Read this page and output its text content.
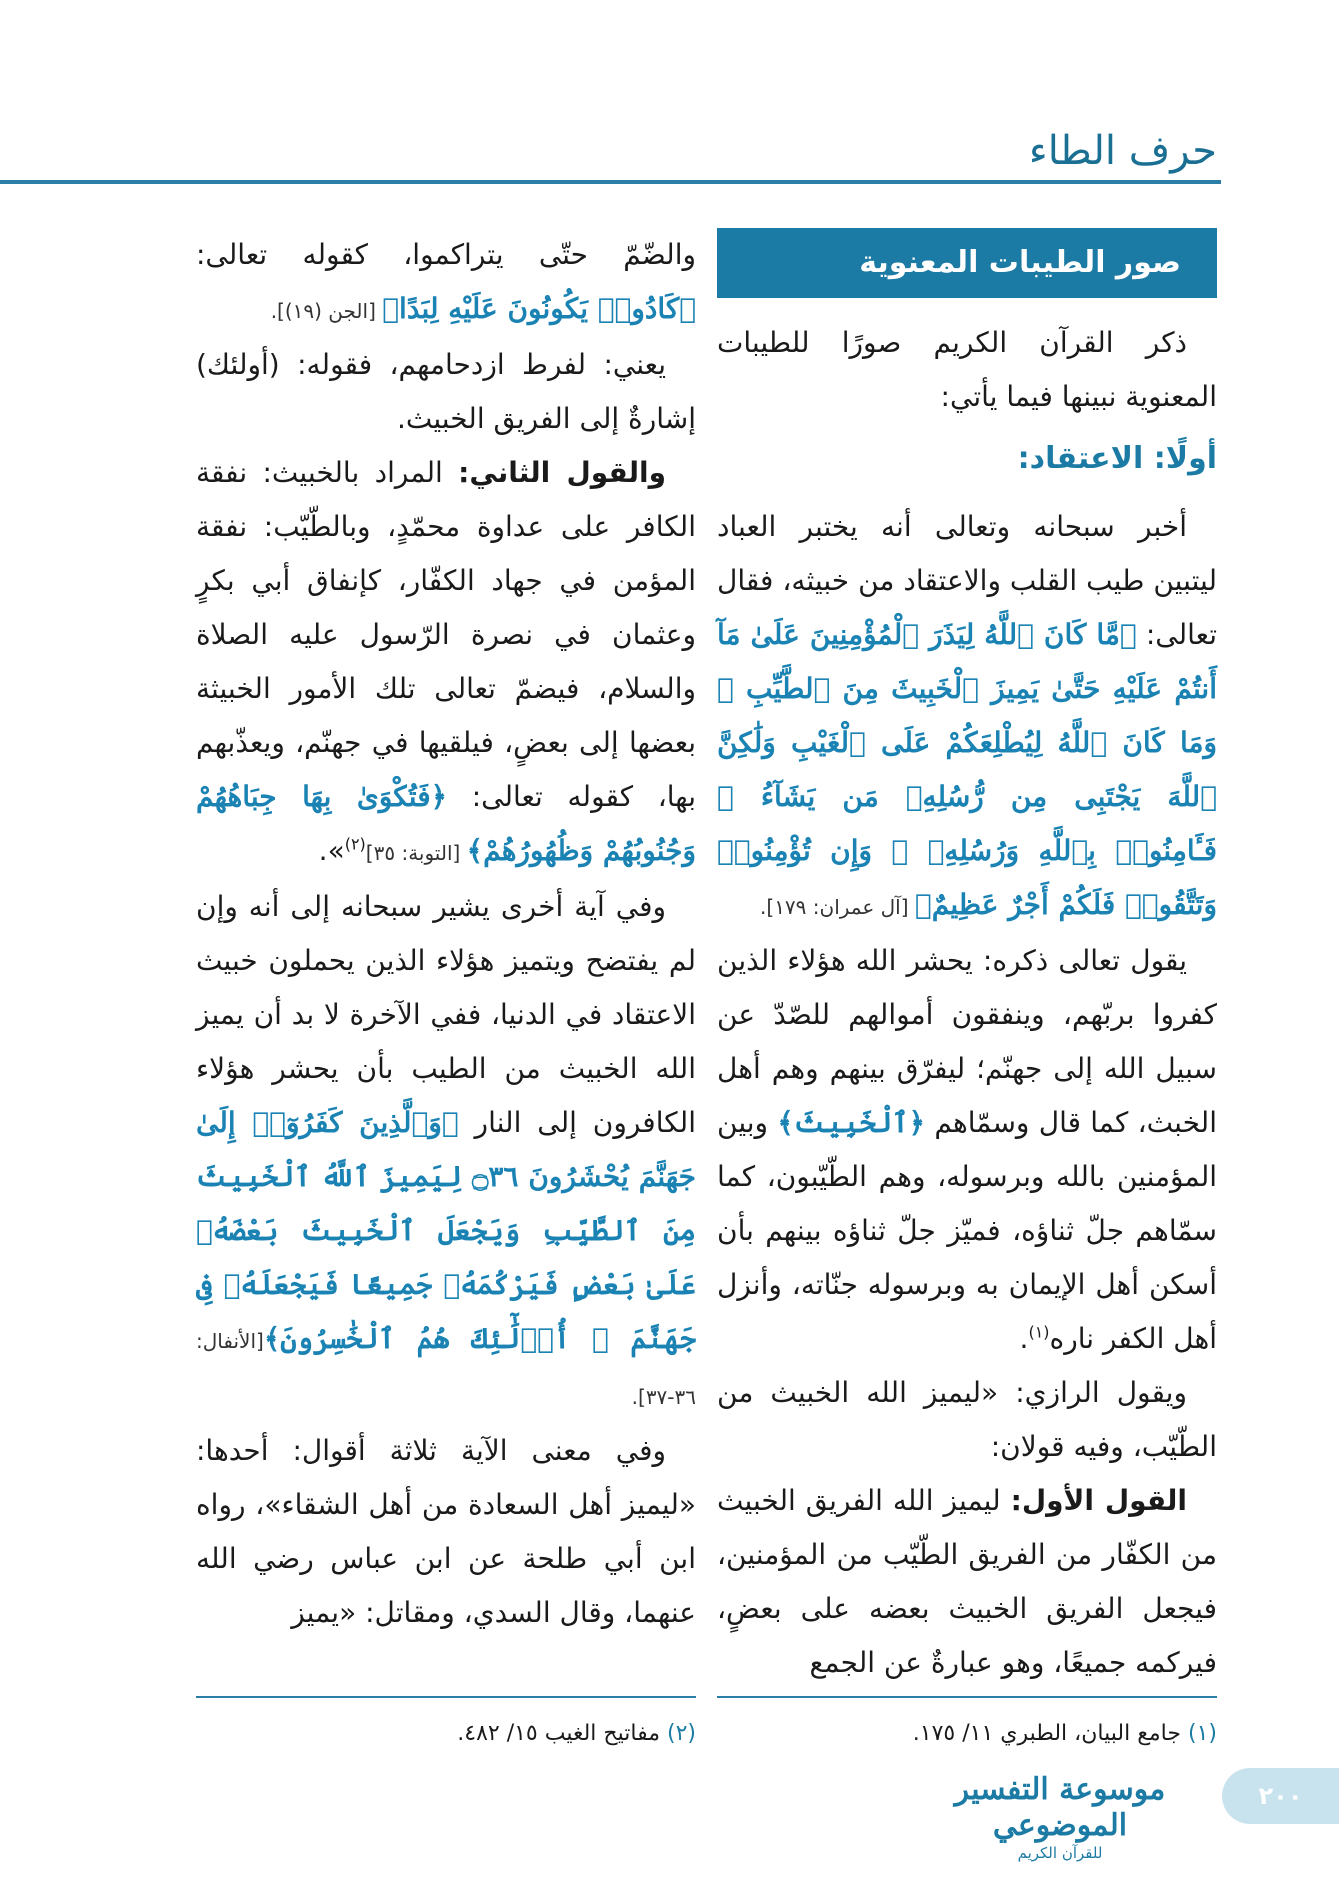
حرف الطاء
صور الطيبات المعنوية

ذكر القرآن الكريم صورًا للطيبات المعنوية نبينها فيما يأتي:

أولًا: الاعتقاد:

أخبر سبحانه وتعالى أنه يختبر العباد ليتبين طيب القلب والاعتقاد من خبيثه، فقال تعالى: ﴿مَّا كَانَ ٱللَّهُ لِيَذَرَ ٱلْمُؤْمِنِينَ عَلَىٰ مَآ أَنتُمْ عَلَيْهِ حَتَّىٰ يَمِيزَ ٱلْخَبِيثَ مِنَ ٱلطَّيِّبِ ۗ وَمَا كَانَ ٱللَّهُ لِيُطْلِعَكُمْ عَلَى ٱلْغَيْبِ وَلَٰكِنَّ ٱللَّهَ يَجْتَبِى مِن رُّسُلِهِۦ مَن يَشَآءُ ۖ فَـَٔامِنُوا۟ بِٱللَّهِ وَرُسُلِهِۦ ۚ وَإِن تُؤْمِنُوا۟ وَتَتَّقُوا۟ فَلَكُمْ أَجْرٌ عَظِيمٌ﴾ [آل عمران: ١٧٩].

يقول تعالى ذكره: يحشر الله هؤلاء الذين كفروا بربّهم، وينفقون أموالهم للصّدّ عن سبيل الله إلى جهنّم؛ ليفرّق بينهم وهم أهل الخبث، كما قال وسمّاهم ﴿ٱلْخَبِيثَ﴾ وبين المؤمنين بالله وبرسوله، وهم الطّيّبون، كما سمّاهم جلّ ثناؤه، فميّز جلّ ثناؤه بينهم بأن أسكن أهل الإيمان به وبرسوله جنّاته، وأنزل أهل الكفر ناره$^{(١)}$.

ويقول الرازي: «ليميز الله الخبيث من الطّيّب، وفيه قولان:

القول الأول: ليميز الله الفريق الخبيث من الكفّار من الفريق الطّيّب من المؤمنين، فيجعل الفريق الخبيث بعضه على بعضٍ، فيركمه جميعًا، وهو عبارةٌ عن الجمع

والضّمّ حتّى يتراكموا، كقوله تعالى: ﴿كَادُوا۟ يَكُونُونَ عَلَيْهِ لِبَدًا﴾ [الجن (١٩)].

يعني: لفرط ازدحامهم، فقوله: (أولئك) إشارةٌ إلى الفريق الخبيث.

والقول الثاني: المراد بالخبيث: نفقة الكافر على عداوة محمّدٍ، وبالطّيّب: نفقة المؤمن في جهاد الكفّار، كإنفاق أبي بكرٍ وعثمان في نصرة الرّسول عليه الصلاة والسلام، فيضمّ تعالى تلك الأمور الخبيثة بعضها إلى بعضٍ، فيلقيها في جهنّم، ويعذّبهم بها، كقوله تعالى: ﴿فَتُكْوَىٰ بِهَا جِبَاهُهُمْ وَجُنُوبُهُمْ وَظُهُورُهُمْ﴾ [التوبة: ٣٥]$^{(٢)}$».

وفي آية أخرى يشير سبحانه إلى أنه وإن لم يفتضح ويتميز هؤلاء الذين يحملون خبيث الاعتقاد في الدنيا، ففي الآخرة لا بد أن يميز الله الخبيث من الطيب بأن يحشر هؤلاء الكافرون إلى النار ﴿وَٱلَّذِينَ كَفَرُوٓا۟ إِلَىٰ جَهَنَّمَ يُحْشَرُونَ ۝٣٦ لِيَمِيزَ ٱللَّهُ ٱلْخَبِيثَ مِنَ ٱلطَّيِّبِ وَيَجْعَلَ ٱلْخَبِيثَ بَعْضَهُۥ عَلَىٰ بَعْضٍ فَيَرْكُمَهُۥ جَمِيعًا فَيَجْعَلَهُۥ فِى جَهَنَّمَ ۚ أُو۟لَٰٓئِكَ هُمُ ٱلْخَٰسِرُونَ﴾[الأنفال: ٣٦-٣٧].

وفي معنى الآية ثلاثة أقوال: أحدها: «ليميز أهل السعادة من أهل الشقاء»، رواه ابن أبي طلحة عن ابن عباس رضي الله عنهما، وقال السدي، ومقاتل: «يميز

(١) جامع البيان، الطبري ١١/ ١٧٥.
(٢) مفاتيح الغيب ١٥/ ٤٨٢.
٢٠٠
موسوعة التفسير الموضوعي
للقرآن الكريم
